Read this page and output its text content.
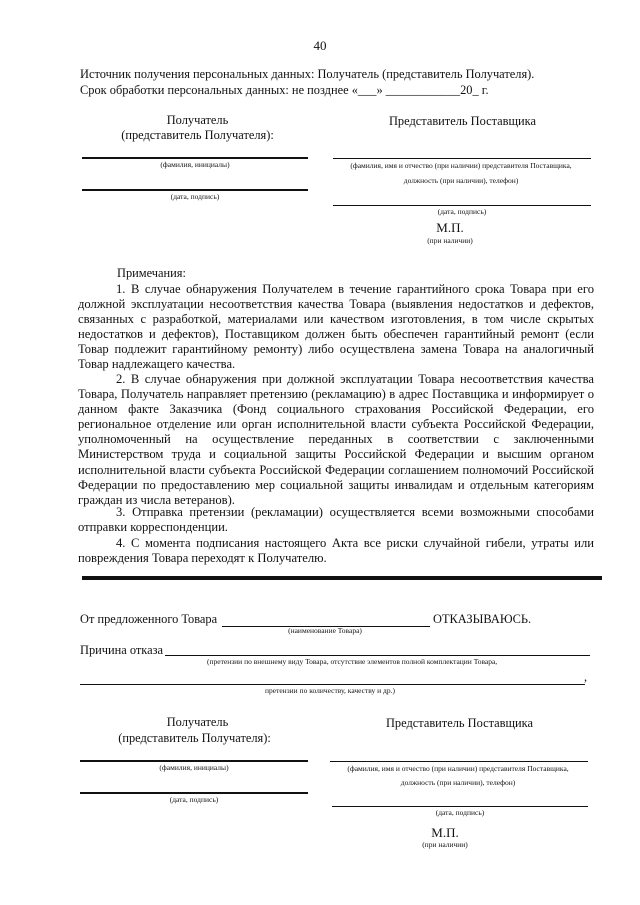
40
Источник получения персональных данных: Получатель (представитель Получателя).
Срок обработки персональных данных: не позднее «___» ____________20_ г.
Получатель
(представитель Получателя):
Представитель Поставщика
(фамилия, инициалы)	(фамилия, имя и отчество (при наличии) представителя Поставщика,
должность (при наличии), телефон)
(дата, подпись)
(дата, подпись)
М.П.
(при наличии)
Примечания:
1. В случае обнаружения Получателем в течение гарантийного срока Товара при его должной эксплуатации несоответствия качества Товара (выявления недостатков и дефектов, связанных с разработкой, материалами или качеством изготовления, в том числе скрытых недостатков и дефектов), Поставщиком должен быть обеспечен гарантийный ремонт (если Товар подлежит гарантийному ремонту) либо осуществлена замена Товара на аналогичный Товар надлежащего качества.
2. В случае обнаружения при должной эксплуатации Товара несоответствия качества Товара, Получатель направляет претензию (рекламацию) в адрес Поставщика и информирует о данном факте Заказчика (Фонд социального страхования Российской Федерации, его региональное отделение или орган исполнительной власти субъекта Российской Федерации, уполномоченный на осуществление переданных в соответствии с заключенными Министерством труда и социальной защиты Российской Федерации и высшим органом исполнительной власти субъекта Российской Федерации соглашением полномочий Российской Федерации по предоставлению мер социальной защиты инвалидам и отдельным категориям граждан из числа ветеранов).
3. Отправка претензии (рекламации) осуществляется всеми возможными способами отправки корреспонденции.
4. С момента подписания настоящего Акта все риски случайной гибели, утраты или повреждения Товара переходят к Получателю.
От предложенного Товара	ОТКАЗЫВАЮСЬ.
(наименование Товара)
Причина отказа
(претензии по внешнему виду Товара, отсутствие элементов полной комплектации Товара,
,
претензии по количеству, качеству и др.)
Получатель
(представитель Получателя):
Представитель Поставщика
(фамилия, инициалы)	(фамилия, имя и отчество (при наличии) представителя Поставщика,
должность (при наличии), телефон)
(дата, подпись)
(дата, подпись)
М.П.
(при наличии)
